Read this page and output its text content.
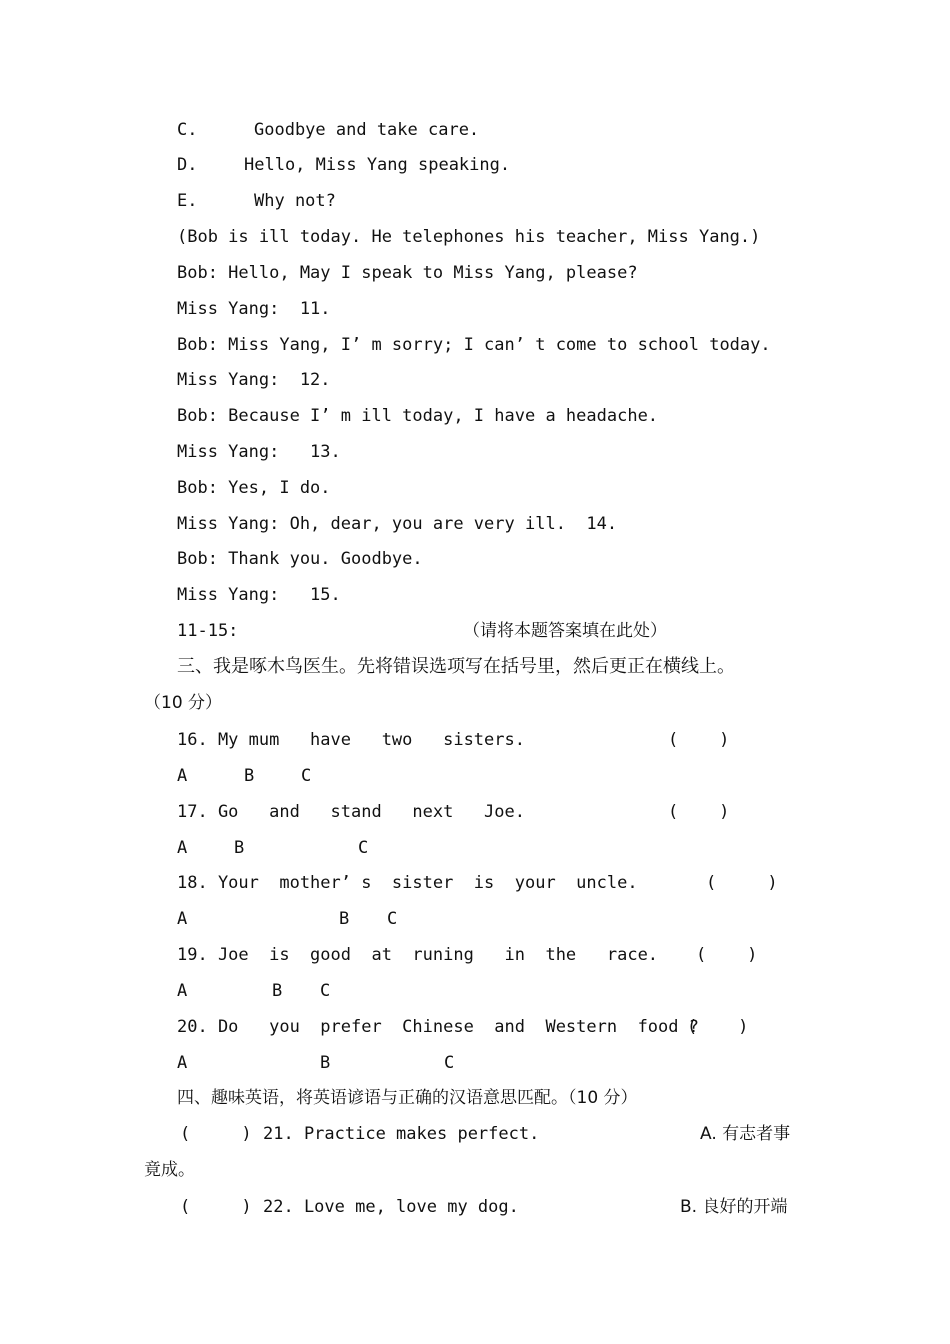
C.	Goodbye and take care.
D.	Hello, Miss Yang speaking.
E.	Why not?
(Bob is ill today. He telephones his teacher, Miss Yang.)
Bob: Hello, May I speak to Miss Yang, please?
Miss Yang:  11.
Bob: Miss Yang, I’ m sorry; I can’ t come to school today.
Miss Yang:  12.
Bob: Because I’ m ill today, I have a headache.
Miss Yang:   13.
Bob: Yes, I do.
Miss Yang: Oh, dear, you are very ill.  14.
Bob: Thank you. Goodbye.
Miss Yang:   15.
11-15:	（请将本题答案填在此处）
三、我是啄木鸟医生。先将错误选项写在括号里，然后更正在横线上。
（10 分）
16. My mum   have   two   sisters.	(    )
A	B	C
17. Go   and   stand   next   Joe.	(    )
A	B	C
18. Your  mother’ s  sister  is  your  uncle.	(     )
A	B C
19. Joe  is  good  at  runing   in  the   race. (    )
A	B C
20. Do   you  prefer  Chinese  and  Western  food ?
(    )
A	B	C
四、趣味英语，将英语谚语与正确的汉语意思匹配。（10 分）
(     ) 21. Practice makes perfect.	A. 有志者事
竟成。
(     ) 22. Love me, love my dog.	B. 良好的开端
